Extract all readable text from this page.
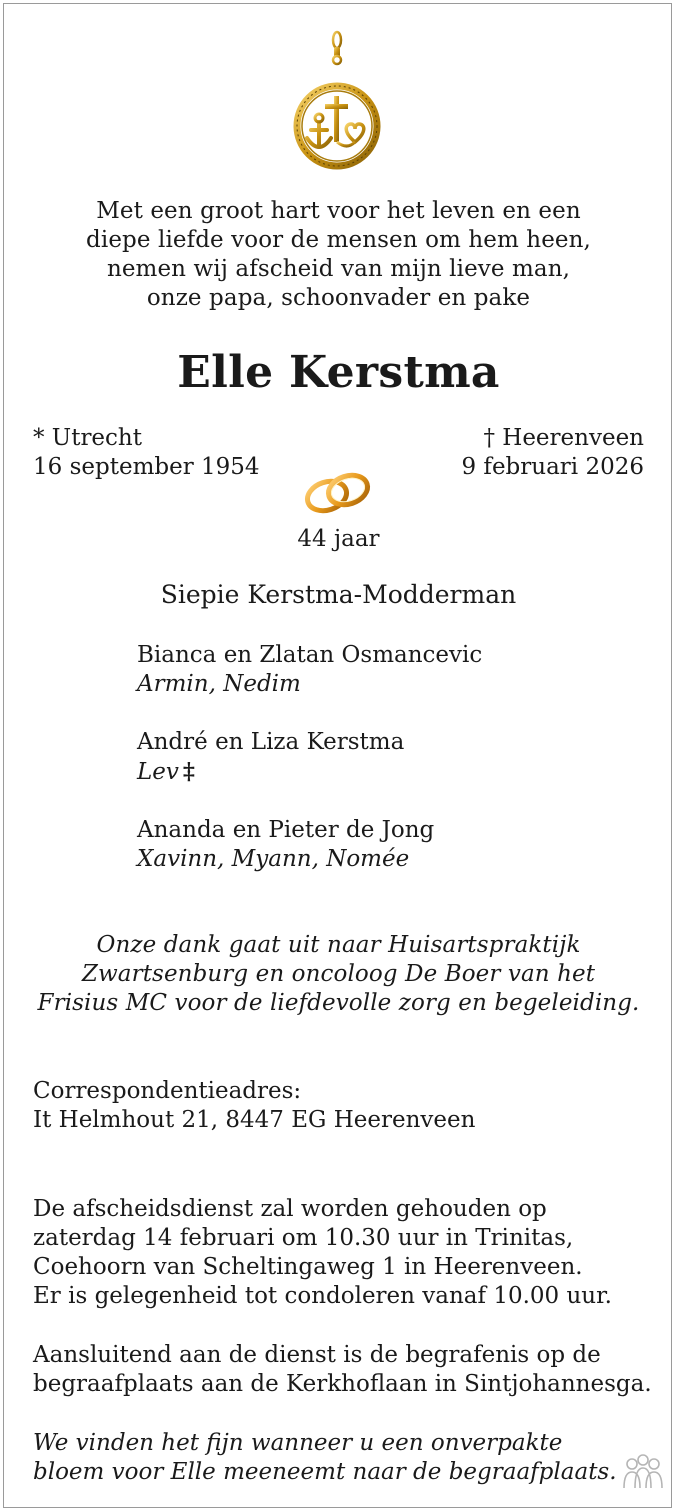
Met een groot hart voor het leven en een
diepe liefde voor de mensen om hem heen,
nemen wij afscheid van mijn lieve man,
onze papa, schoonvader en pake
Elle Kerstma
* Utrecht
16 september 1954
† Heerenveen
9 februari 2026
44 jaar
Siepie Kerstma-Modderman
Bianca en Zlatan Osmancevic
Armin, Nedim
André en Liza Kerstma
Lev ‡
Ananda en Pieter de Jong
Xavinn, Myann, Nomée
Onze dank gaat uit naar Huisartspraktijk
Zwartsenburg en oncoloog De Boer van het
Frisius MC voor de liefdevolle zorg en begeleiding.
Correspondentieadres:
It Helmhout 21, 8447 EG Heerenveen
De afscheidsdienst zal worden gehouden op
zaterdag 14 februari om 10.30 uur in Trinitas,
Coehoorn van Scheltingaweg 1 in Heerenveen.
Er is gelegenheid tot condoleren vanaf 10.00 uur.
Aansluitend aan de dienst is de begrafenis op de
begraafplaats aan de Kerkhoflaan in Sintjohannesga.
We vinden het fijn wanneer u een onverpakte
bloem voor Elle meeneemt naar de begraafplaats.
